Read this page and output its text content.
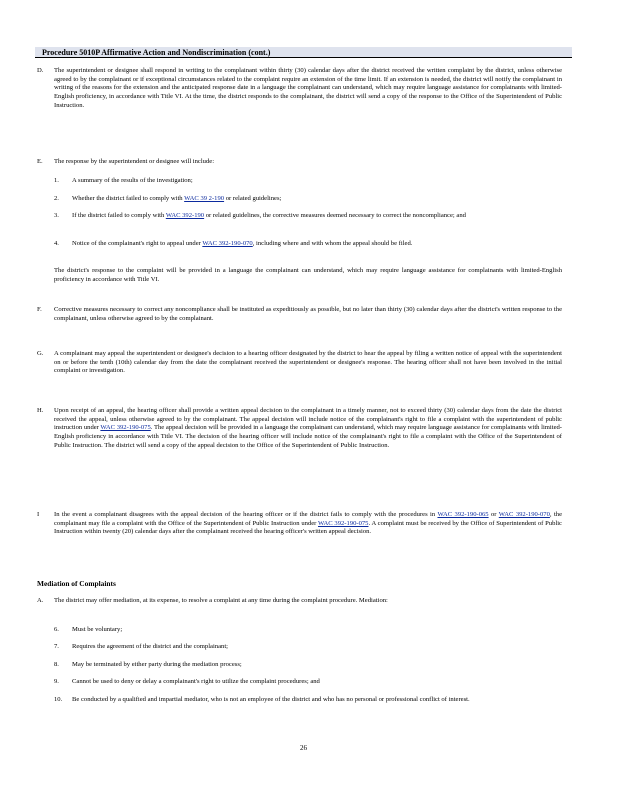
Procedure 5010P Affirmative Action and Nondiscrimination (cont.)
D. The superintendent or designee shall respond in writing to the complainant within thirty (30) calendar days after the district received the written complaint by the district, unless otherwise agreed to by the complainant or if exceptional circumstances related to the complaint require an extension of the time limit. If an extension is needed, the district will notify the complainant in writing of the reasons for the extension and the anticipated response date in a language the complainant can understand, which may require language assistance for complainants with limited-English proficiency, in accordance with Title VI. At the time, the district responds to the complainant, the district will send a copy of the response to the Office of the Superintendent of Public Instruction.
E. The response by the superintendent or designee will include:
1. A summary of the results of the investigation;
2. Whether the district failed to comply with WAC 39 2-190 or related guidelines;
3. If the district failed to comply with WAC 392-190 or related guidelines, the corrective measures deemed necessary to correct the noncompliance; and
4. Notice of the complainant's right to appeal under WAC 392-190-070, including where and with whom the appeal should be filed.
The district's response to the complaint will be provided in a language the complainant can understand, which may require language assistance for complainants with limited-English proficiency in accordance with Title VI.
F. Corrective measures necessary to correct any noncompliance shall be instituted as expeditiously as possible, but no later than thirty (30) calendar days after the district's written response to the complainant, unless otherwise agreed to by the complainant.
G. A complainant may appeal the superintendent or designee's decision to a hearing officer designated by the district to hear the appeal by filing a written notice of appeal with the superintendent on or before the tenth (10th) calendar day from the date the complainant received the superintendent or designee's response. The hearing officer shall not have been involved in the initial complaint or investigation.
H. Upon receipt of an appeal, the hearing officer shall provide a written appeal decision to the complainant in a timely manner, not to exceed thirty (30) calendar days from the date the district received the appeal, unless otherwise agreed to by the complainant. The appeal decision will include notice of the complainant's right to file a complaint with the superintendent of public instruction under WAC 392-190-075. The appeal decision will be provided in a language the complainant can understand, which may require language assistance for complainants with limited-English proficiency in accordance with Title VI. The decision of the hearing officer will include notice of the complainant's right to file a complaint with the Office of the Superintendent of Public Instruction. The district will send a copy of the appeal decision to the Office of the Superintendent of Public Instruction.
I In the event a complainant disagrees with the appeal decision of the hearing officer or if the district fails to comply with the procedures in WAC 392-190-065 or WAC 392-190-070, the complainant may file a complaint with the Office of the Superintendent of Public Instruction under WAC 392-190-075. A complaint must be received by the Office of Superintendent of Public Instruction within twenty (20) calendar days after the complainant received the hearing officer's written appeal decision.
Mediation of Complaints
A. The district may offer mediation, at its expense, to resolve a complaint at any time during the complaint procedure. Mediation:
6. Must be voluntary;
7. Requires the agreement of the district and the complainant;
8. May be terminated by either party during the mediation process;
9. Cannot be used to deny or delay a complainant's right to utilize the complaint procedures; and
10. Be conducted by a qualified and impartial mediator, who is not an employee of the district and who has no personal or professional conflict of interest.
26
